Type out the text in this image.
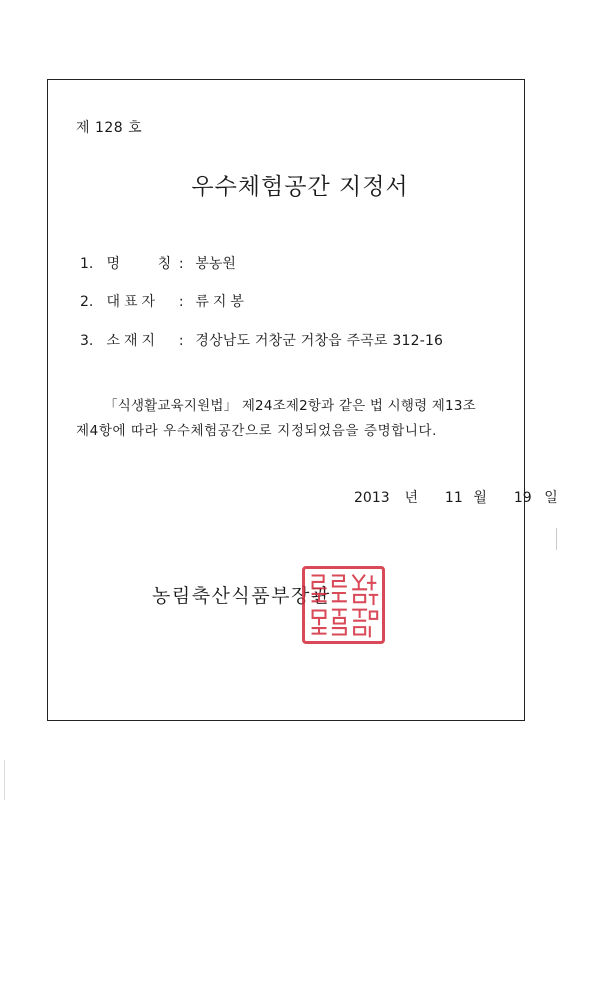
제 128 호
우수체험공간 지정서
1. 명    칭 : 봉농원
2. 대표자 : 류지봉
3. 소재지 : 경상남도 거창군 거창읍 주곡로 312-16
「식생활교육지원법」 제24조제2항과 같은 법 시행령 제13조
제4항에 따라 우수체험공간으로 지정되었음을 증명합니다.
2013 년 11 월 19 일
농림축산식품부장관
